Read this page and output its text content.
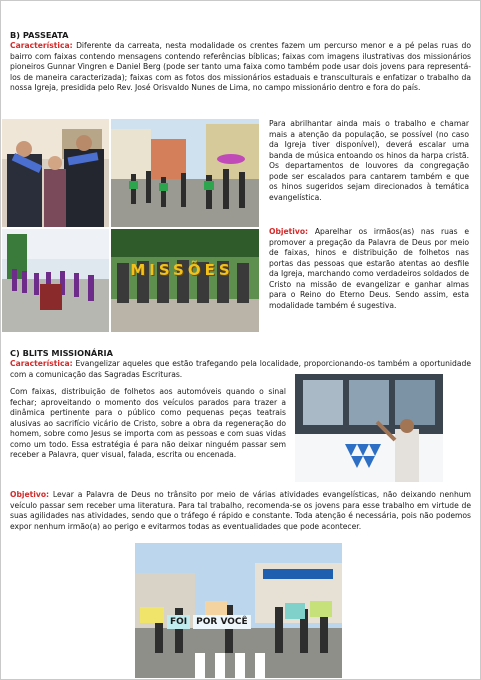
B) PASSEATA
Característica: Diferente da carreata, nesta modalidade os crentes fazem um percurso menor e a pé pelas ruas do bairro com faixas contendo mensagens contendo referências bíblicas; faixas com imagens ilustrativas dos missionários pioneiros Gunnar Vingren e Daniel Berg (pode ser tanto uma faixa como também pode usar dois jovens para representá-los de maneira caracterizada); faixas com as fotos dos missionários estaduais e transculturais e enfatizar o trabalho da nossa Igreja, presidida pelo Rev. José Orisvaldo Nunes de Lima, no campo missionário dentro e fora do país.
MISSÕES
Para abrilhantar ainda mais o trabalho e chamar mais a atenção da população, se possível (no caso da Igreja tiver disponível), deverá escalar uma banda de música entoando os hinos da harpa cristã. Os departamentos de louvores da congregação pode ser escalados para cantarem também e que os hinos sugeridos sejam direcionados à temática evangelística.
Objetivo: Aparelhar os irmãos(as) nas ruas e promover a pregação da Palavra de Deus por meio de faixas, hinos e distribuição de folhetos nas portas das pessoas que estarão atentas ao desfile da Igreja, marchando como verdadeiros soldados de Cristo na missão de evangelizar e ganhar almas para o Reino do Eterno Deus. Sendo assim, esta modalidade também é sugestiva.
C) BLITS MISSIONÁRIA
Característica: Evangelizar aqueles que estão trafegando pela localidade, proporcionando-os também a oportunidade com a comunicação das Sagradas Escrituras.
Com faixas, distribuição de folhetos aos automóveis quando o sinal fechar; aproveitando o momento dos veículos parados para trazer a dinâmica pertinente para o público como pequenas peças teatrais alusivas ao sacrifício vicário de Cristo, sobre a obra da regeneração do homem, sobre como Jesus se importa com as pessoas e com suas vidas como um todo. Essa estratégia é para não deixar ninguém passar sem receber a Palavra, quer visual, falada, escrita ou encenada.
Objetivo: Levar a Palavra de Deus no trânsito por meio de várias atividades evangelísticas, não deixando nenhum veículo passar sem receber uma literatura. Para tal trabalho, recomenda-se os jovens para esse trabalho em virtude de suas agilidades nas atividades, sendo que o tráfego é rápido e constante. Toda atenção é necessária, pois não podemos expor nenhum irmão(a) ao perigo e evitarmos todas as eventualidades que pode acontecer.
FOI	POR VOCÊ
